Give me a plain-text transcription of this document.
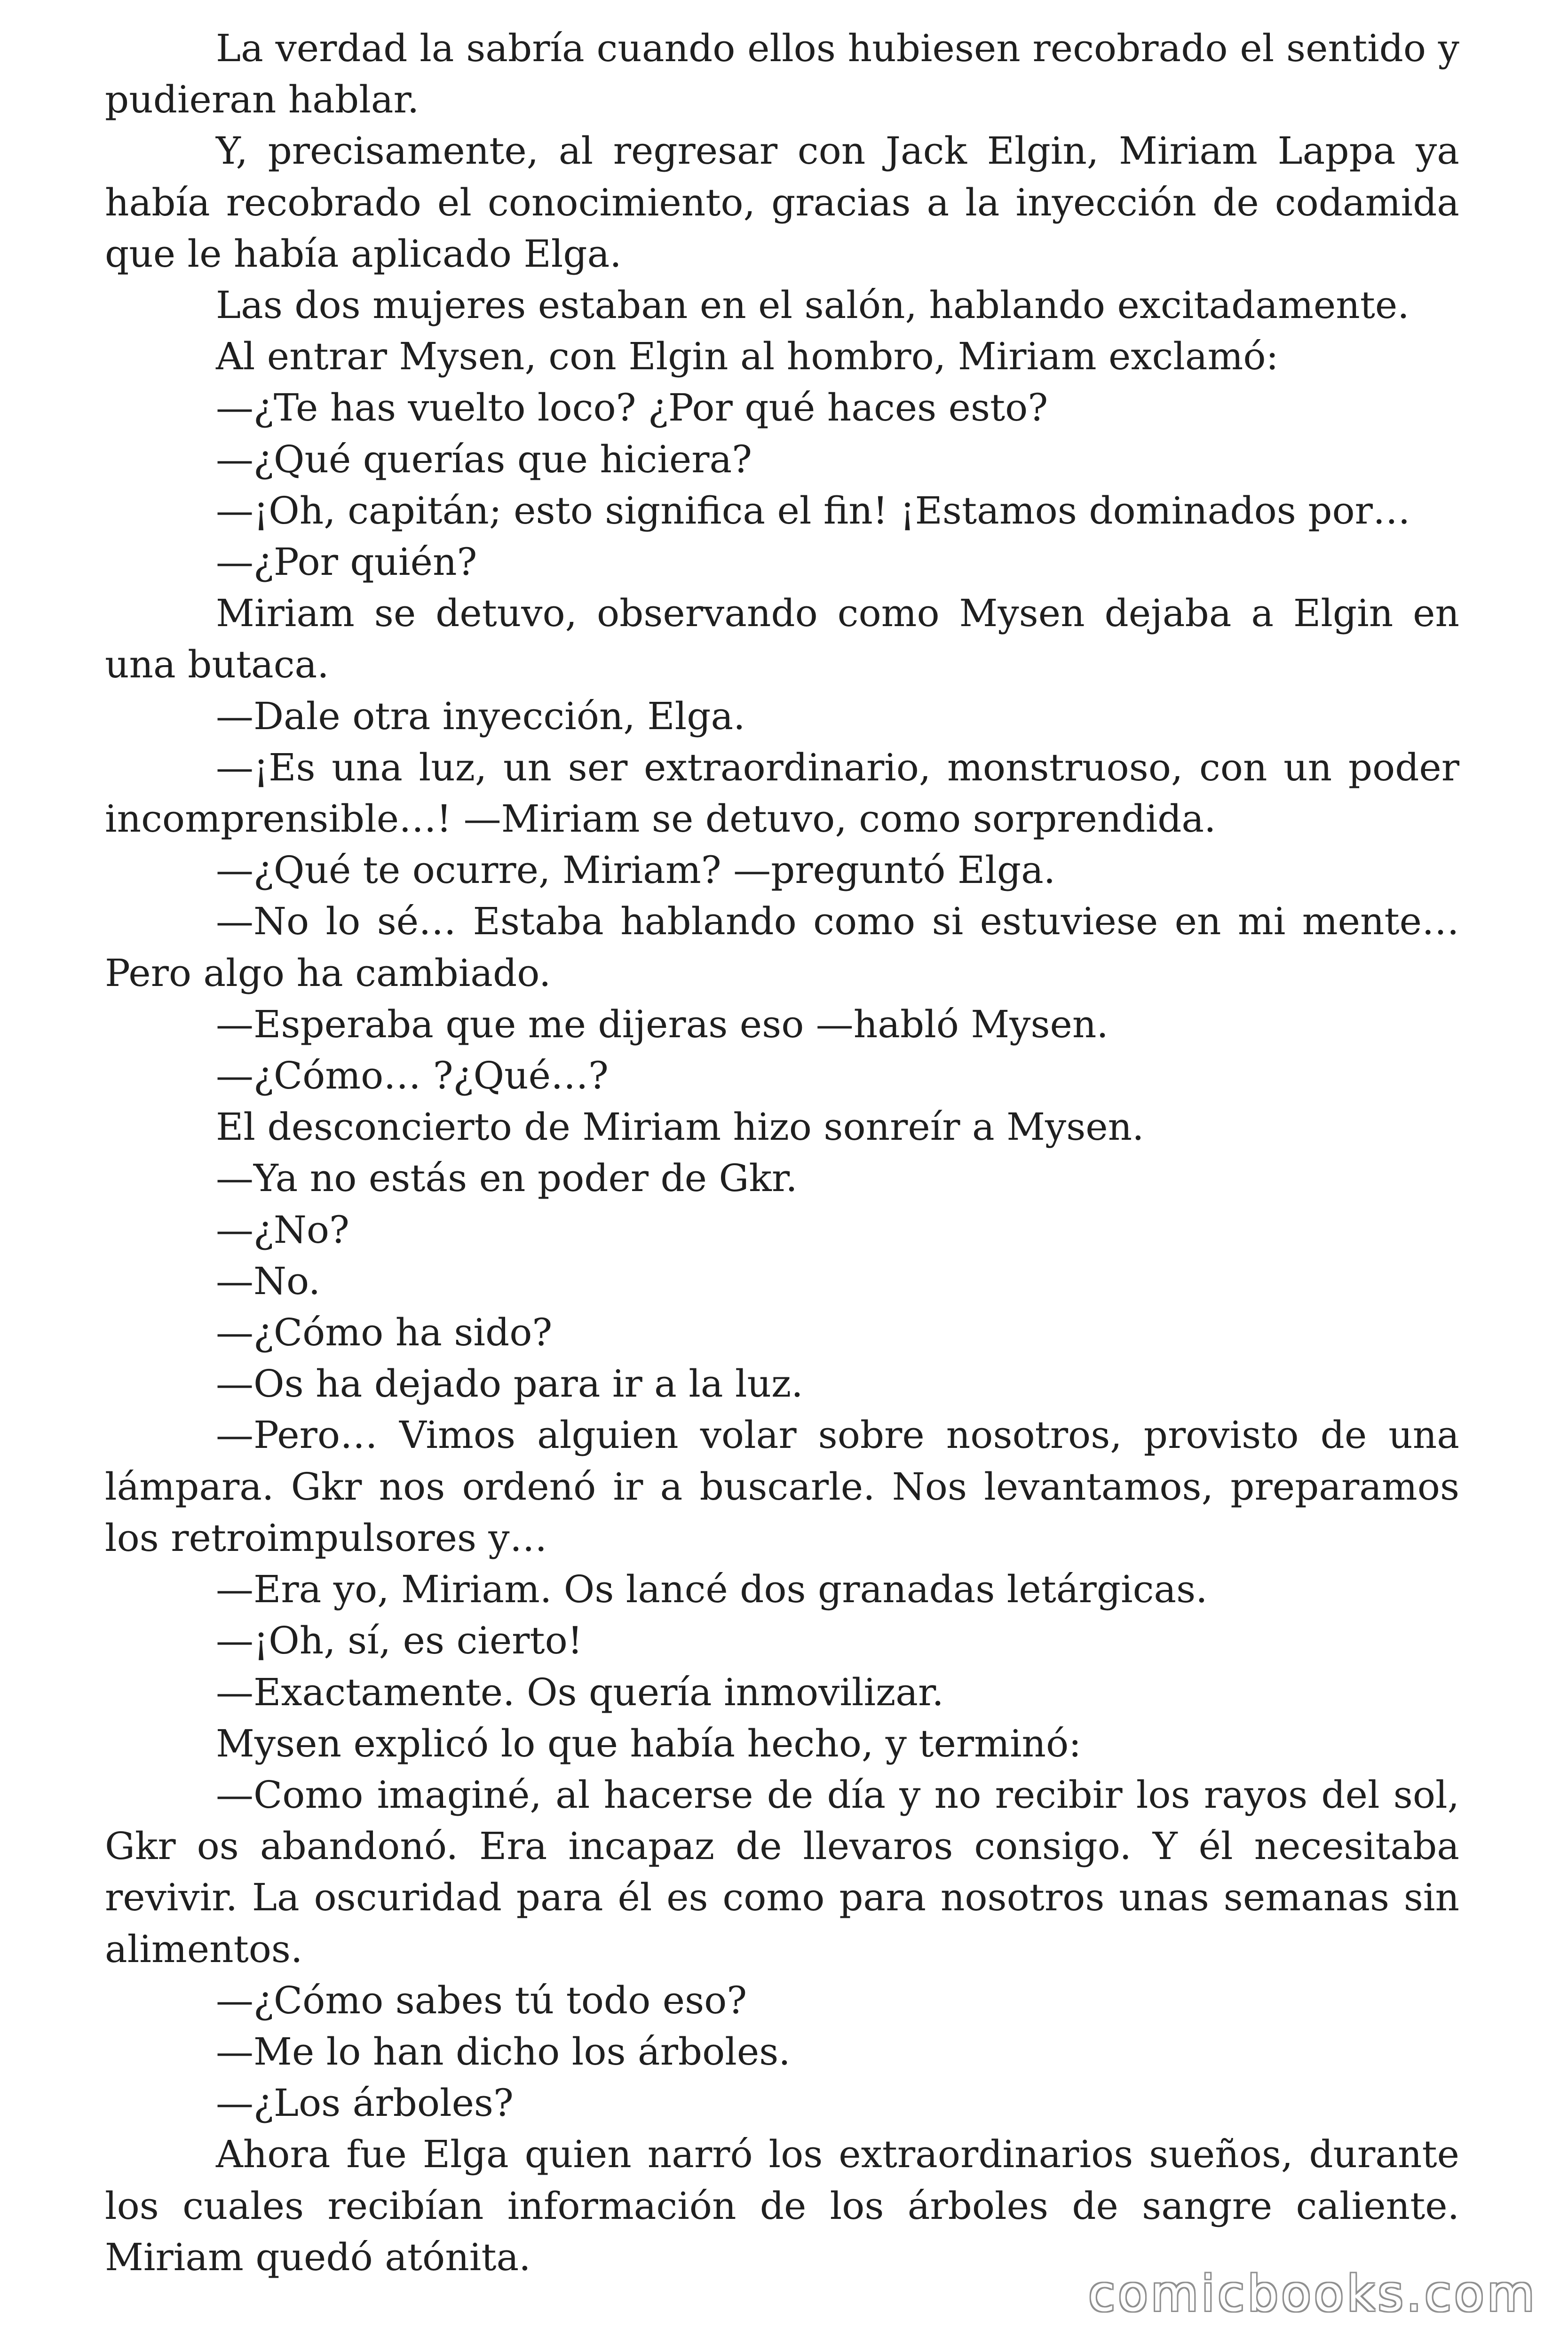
La verdad la sabría cuando ellos hubiesen recobrado el sentido y pudieran hablar.

Y, precisamente, al regresar con Jack Elgin, Miriam Lappa ya había recobrado el conocimiento, gracias a la inyección de codamida que le había aplicado Elga.

Las dos mujeres estaban en el salón, hablando excitadamente.

Al entrar Mysen, con Elgin al hombro, Miriam exclamó:

—¿Te has vuelto loco? ¿Por qué haces esto?

—¿Qué querías que hiciera?

—¡Oh, capitán; esto significa el fin! ¡Estamos dominados por…

—¿Por quién?

Miriam se detuvo, observando como Mysen dejaba a Elgin en una butaca.

—Dale otra inyección, Elga.

—¡Es una luz, un ser extraordinario, monstruoso, con un poder incomprensible…! —Miriam se detuvo, como sorprendida.

—¿Qué te ocurre, Miriam? —preguntó Elga.

—No lo sé… Estaba hablando como si estuviese en mi mente… Pero algo ha cambiado.

—Esperaba que me dijeras eso —habló Mysen.

—¿Cómo… ?¿Qué…?

El desconcierto de Miriam hizo sonreír a Mysen.

—Ya no estás en poder de Gkr.

—¿No?

—No.

—¿Cómo ha sido?

—Os ha dejado para ir a la luz.

—Pero… Vimos alguien volar sobre nosotros, provisto de una lámpara. Gkr nos ordenó ir a buscarle. Nos levantamos, preparamos los retroimpulsores y…

—Era yo, Miriam. Os lancé dos granadas letárgicas.

—¡Oh, sí, es cierto!

—Exactamente. Os quería inmovilizar.

Mysen explicó lo que había hecho, y terminó:

—Como imaginé, al hacerse de día y no recibir los rayos del sol, Gkr os abandonó. Era incapaz de llevaros consigo. Y él necesitaba revivir. La oscuridad para él es como para nosotros unas semanas sin alimentos.

—¿Cómo sabes tú todo eso?

—Me lo han dicho los árboles.

—¿Los árboles?

Ahora fue Elga quien narró los extraordinarios sueños, durante los cuales recibían información de los árboles de sangre caliente. Miriam quedó atónita.

comicbooks.com
